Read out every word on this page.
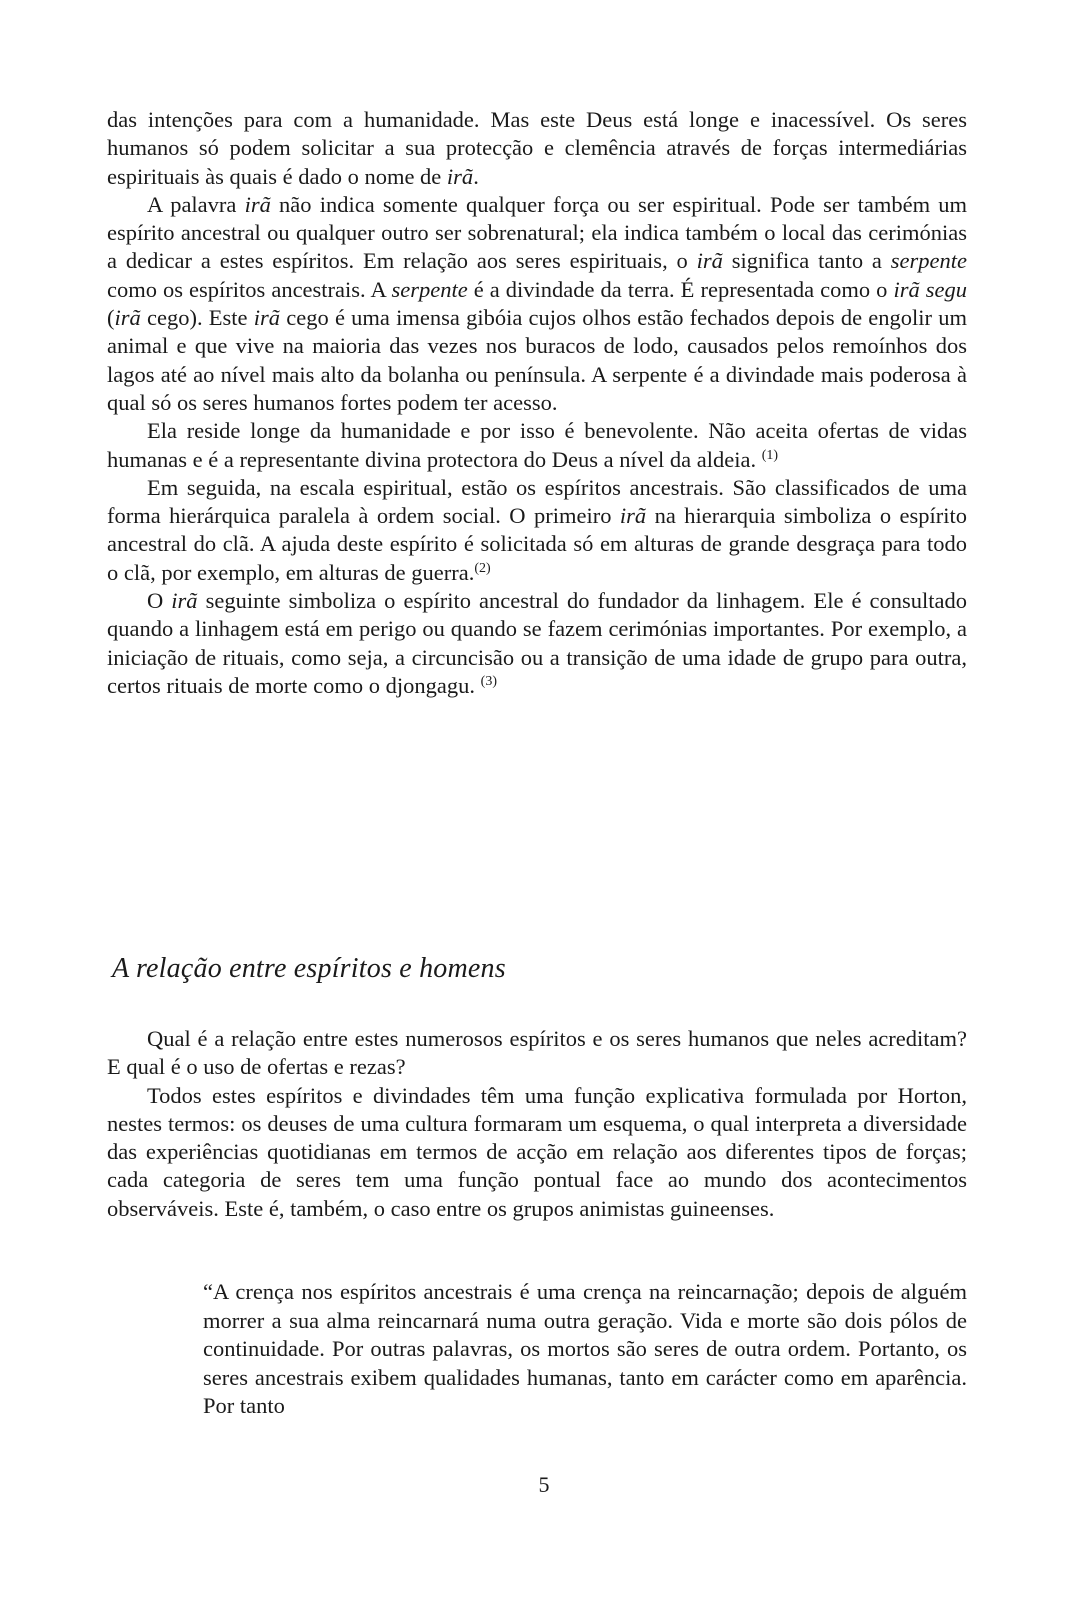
das intenções para com a humanidade. Mas este Deus está longe e inacessível. Os seres humanos só podem solicitar a sua protecção e clemência através de forças intermediárias espirituais às quais é dado o nome de irã.

A palavra irã não indica somente qualquer força ou ser espiritual. Pode ser também um espírito ancestral ou qualquer outro ser sobrenatural; ela indica também o local das cerimónias a dedicar a estes espíritos. Em relação aos seres espirituais, o irã significa tanto a serpente como os espíritos ancestrais. A serpente é a divindade da terra. É representada como o irã segu (irã cego). Este irã cego é uma imensa gibóia cujos olhos estão fechados depois de engolir um animal e que vive na maioria das vezes nos buracos de lodo, causados pelos remoínhos dos lagos até ao nível mais alto da bolanha ou península. A serpente é a divindade mais poderosa à qual só os seres humanos fortes podem ter acesso.

Ela reside longe da humanidade e por isso é benevolente. Não aceita ofertas de vidas humanas e é a representante divina protectora do Deus a nível da aldeia. $^{(1)}$

Em seguida, na escala espiritual, estão os espíritos ancestrais. São classificados de uma forma hierárquica paralela à ordem social. O primeiro irã na hierarquia simboliza o espírito ancestral do clã. A ajuda deste espírito é solicitada só em alturas de grande desgraça para todo o clã, por exemplo, em alturas de guerra.$^{(2)}$

O irã seguinte simboliza o espírito ancestral do fundador da linhagem. Ele é consultado quando a linhagem está em perigo ou quando se fazem cerimónias importantes. Por exemplo, a iniciação de rituais, como seja, a circuncisão ou a transição de uma idade de grupo para outra, certos rituais de morte como o djongagu. $^{(3)}$

A relação entre espíritos e homens

Qual é a relação entre estes numerosos espíritos e os seres humanos que neles acreditam? E qual é o uso de ofertas e rezas?

Todos estes espíritos e divindades têm uma função explicativa formulada por Horton, nestes termos: os deuses de uma cultura formaram um esquema, o qual interpreta a diversidade das experiências quotidianas em termos de acção em relação aos diferentes tipos de forças; cada categoria de seres tem uma função pontual face ao mundo dos acontecimentos observáveis. Este é, também, o caso entre os grupos animistas guineenses.

“A crença nos espíritos ancestrais é uma crença na reincarnação; depois de alguém morrer a sua alma reincarnará numa outra geração. Vida e morte são dois pólos de continuidade. Por outras palavras, os mortos são seres de outra ordem. Portanto, os seres ancestrais exibem qualidades humanas, tanto em carácter como em aparência. Por tanto

5
